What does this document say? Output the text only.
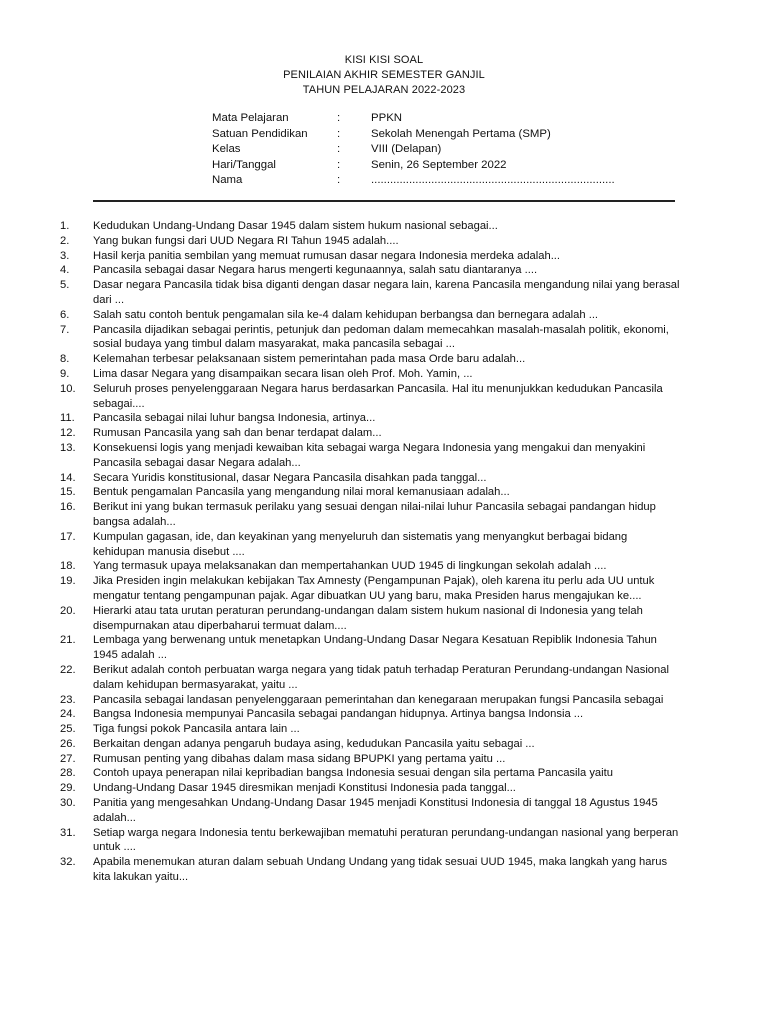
KISI KISI SOAL
PENILAIAN AKHIR SEMESTER GANJIL
TAHUN PELAJARAN 2022-2023
Mata Pelajaran	:	PPKN
Satuan Pendidikan	:	Sekolah Menengah Pertama (SMP)
Kelas	:	VIII (Delapan)
Hari/Tanggal	:	Senin, 26 September 2022
Nama	:	.............................................................................
1.	Kedudukan Undang-Undang Dasar 1945 dalam sistem hukum nasional sebagai...
2.	Yang bukan fungsi dari UUD Negara RI Tahun 1945 adalah....
3.	Hasil kerja panitia sembilan yang memuat rumusan dasar negara Indonesia merdeka adalah...
4.	Pancasila sebagai dasar Negara harus mengerti kegunaannya, salah satu diantaranya ....
5.	Dasar negara Pancasila tidak bisa diganti dengan dasar negara lain, karena Pancasila mengandung nilai yang berasal dari ...
6.	Salah satu contoh bentuk pengamalan sila ke-4 dalam kehidupan berbangsa dan bernegara adalah ...
7.	Pancasila dijadikan sebagai perintis, petunjuk dan pedoman dalam memecahkan masalah-masalah politik, ekonomi, sosial budaya yang timbul dalam masyarakat, maka pancasila sebagai ...
8.	Kelemahan terbesar pelaksanaan sistem pemerintahan pada masa Orde baru adalah...
9.	Lima dasar Negara yang disampaikan secara lisan oleh Prof. Moh. Yamin, ...
10.	Seluruh proses penyelenggaraan Negara harus berdasarkan Pancasila. Hal itu menunjukkan kedudukan Pancasila sebagai....
11.	Pancasila sebagai nilai luhur bangsa Indonesia, artinya...
12.	Rumusan Pancasila yang sah dan benar terdapat dalam...
13.	Konsekuensi logis yang menjadi kewaiban kita sebagai warga Negara Indonesia yang mengakui dan menyakini Pancasila sebagai dasar Negara adalah...
14.	Secara Yuridis konstitusional, dasar Negara Pancasila disahkan pada tanggal...
15.	Bentuk pengamalan Pancasila yang mengandung nilai moral kemanusiaan adalah...
16.	Berikut ini yang bukan termasuk perilaku yang sesuai dengan nilai-nilai luhur Pancasila sebagai pandangan hidup bangsa adalah...
17.	Kumpulan gagasan, ide, dan keyakinan yang menyeluruh dan sistematis yang menyangkut berbagai bidang kehidupan manusia disebut ....
18.	Yang termasuk upaya melaksanakan dan mempertahankan UUD 1945 di lingkungan sekolah adalah ....
19.	Jika Presiden ingin melakukan kebijakan Tax Amnesty (Pengampunan Pajak), oleh karena itu perlu ada UU untuk mengatur tentang pengampunan pajak. Agar dibuatkan UU yang baru, maka Presiden harus mengajukan ke....
20.	Hierarki atau tata urutan peraturan perundang-undangan dalam sistem hukum nasional di Indonesia yang telah disempurnakan atau diperbaharui termuat dalam....
21.	Lembaga yang berwenang untuk menetapkan Undang-Undang Dasar Negara Kesatuan Repiblik Indonesia Tahun 1945 adalah ...
22.	Berikut adalah contoh perbuatan warga negara yang tidak patuh terhadap Peraturan Perundang-undangan Nasional dalam kehidupan bermasyarakat, yaitu ...
23.	Pancasila sebagai landasan penyelenggaraan pemerintahan dan kenegaraan merupakan fungsi Pancasila sebagai
24.	Bangsa Indonesia mempunyai Pancasila sebagai pandangan hidupnya. Artinya bangsa Indonsia ...
25.	Tiga fungsi pokok Pancasila antara lain ...
26.	Berkaitan dengan adanya pengaruh budaya asing, kedudukan Pancasila yaitu sebagai ...
27.	Rumusan penting yang dibahas dalam masa sidang BPUPKI yang pertama yaitu ...
28.	Contoh upaya penerapan nilai kepribadian bangsa Indonesia sesuai dengan sila pertama Pancasila yaitu
29.	Undang-Undang Dasar 1945 diresmikan menjadi Konstitusi Indonesia pada tanggal...
30.	Panitia yang mengesahkan Undang-Undang Dasar 1945 menjadi Konstitusi Indonesia di tanggal 18 Agustus 1945 adalah...
31.	Setiap warga negara Indonesia tentu berkewajiban mematuhi peraturan perundang-undangan nasional yang berperan untuk ....
32.	Apabila menemukan aturan dalam sebuah Undang Undang yang tidak sesuai UUD 1945, maka langkah yang harus kita lakukan yaitu...
